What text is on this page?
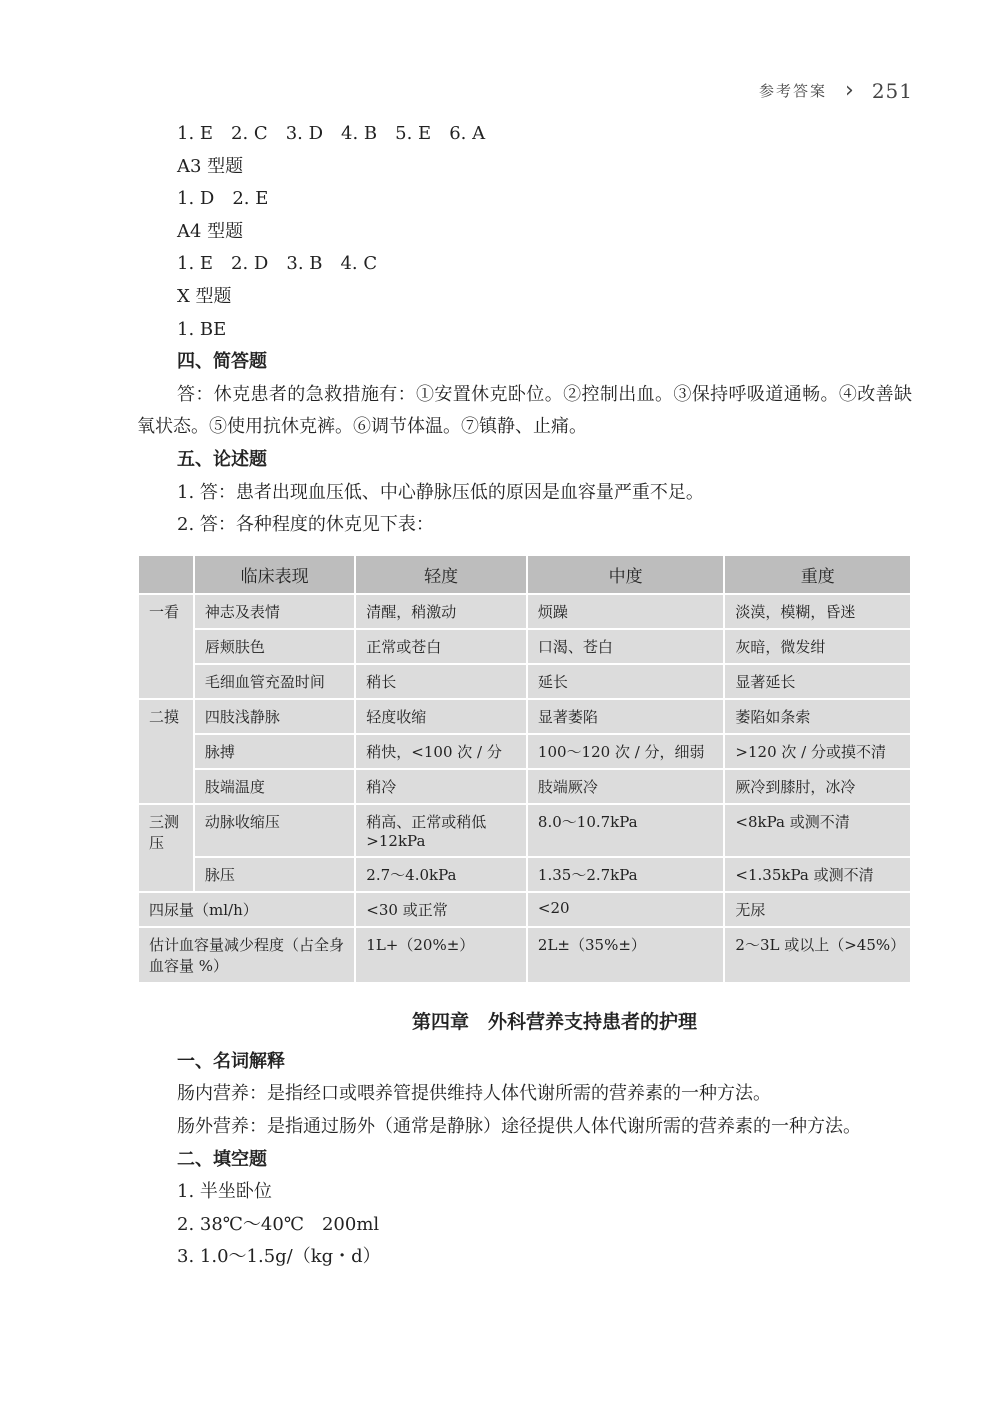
参考答案 › 251
1. E　2. C　3. D　4. B　5. E　6. A
A3 型题
1. D　2. E
A4 型题
1. E　2. D　3. B　4. C
X 型题
1. BE
四、简答题
答：休克患者的急救措施有：①安置休克卧位。②控制出血。③保持呼吸道通畅。④改善缺氧状态。⑤使用抗休克裤。⑥调节体温。⑦镇静、止痛。
五、论述题
1. 答：患者出现血压低、中心静脉压低的原因是血容量严重不足。
2. 答：各种程度的休克见下表：
	临床表现	轻度	中度	重度
一看	神志及表情	清醒，稍激动	烦躁	淡漠，模糊，昏迷
	唇颊肤色	正常或苍白	口渴、苍白	灰暗，微发绀
	毛细血管充盈时间	稍长	延长	显著延长
二摸	四肢浅静脉	轻度收缩	显著萎陷	萎陷如条索
	脉搏	稍快，<100 次 / 分	100～120 次 / 分，细弱	>120 次 / 分或摸不清
	肢端温度	稍冷	肢端厥冷	厥冷到膝肘，冰冷
三测压	动脉收缩压	稍高、正常或稍低 >12kPa	8.0～10.7kPa	<8kPa 或测不清
	脉压	2.7～4.0kPa	1.35～2.7kPa	<1.35kPa 或测不清
四尿量（ml/h）		<30 或正常	<20	无尿
估计血容量减少程度（占全身血容量 %）		1L+（20%±）	2L±（35%±）	2～3L 或以上（>45%）
第四章　外科营养支持患者的护理
一、名词解释
肠内营养：是指经口或喂养管提供维持人体代谢所需的营养素的一种方法。
肠外营养：是指通过肠外（通常是静脉）途径提供人体代谢所需的营养素的一种方法。
二、填空题
1. 半坐卧位
2. 38℃～40℃　200ml
3. 1.0～1.5g/（kg・d）
